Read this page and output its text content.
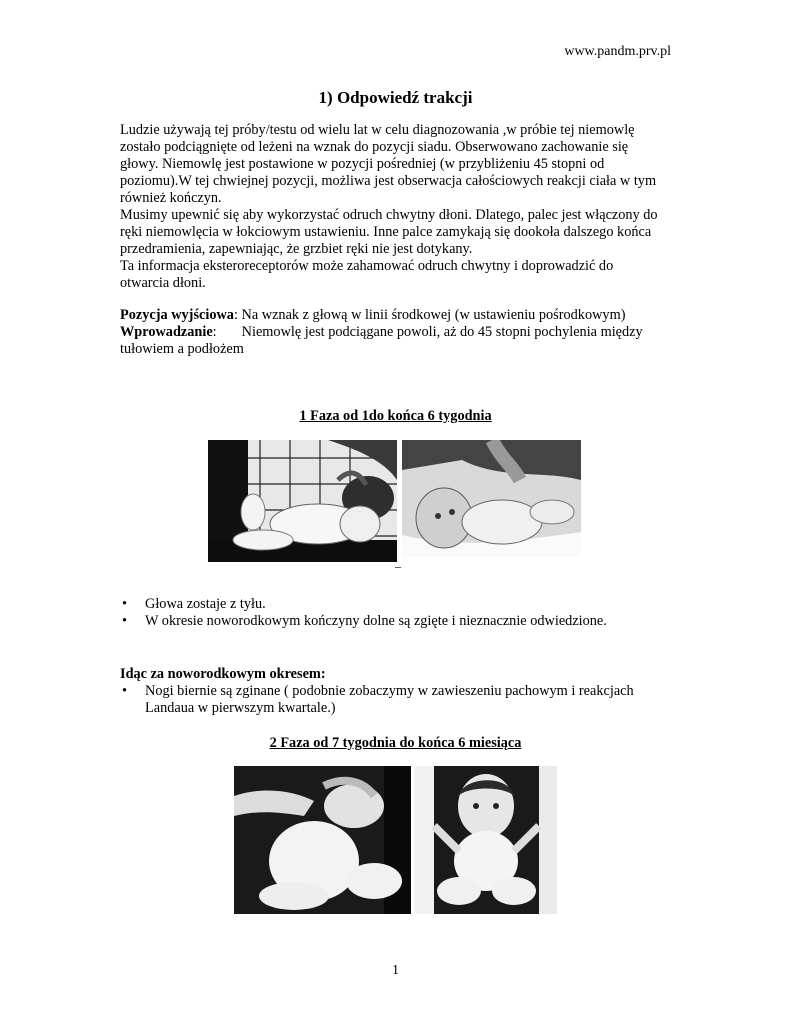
www.pandm.prv.pl
1) Odpowiedź trakcji

Ludzie używają tej próby/testu od wielu lat w celu diagnozowania ,w próbie tej niemowlę

zostało podciągnięte od leżeni na wznak do pozycji siadu. Obserwowano zachowanie się

głowy. Niemowlę jest postawione w pozycji pośredniej (w przybliżeniu 45 stopni od

poziomu).W tej chwiejnej pozycji, możliwa jest obserwacja całościowych reakcji ciała w tym

również kończyn.

Musimy upewnić się aby wykorzystać odruch chwytny dłoni. Dlatego, palec jest włączony do

ręki niemowlęcia w łokciowym ustawieniu. Inne palce zamykają się dookoła dalszego końca

przedramienia, zapewniając, że grzbiet ręki nie jest dotykany.

Ta informacja eksteroreceptorów może zahamować odruch chwytny i doprowadzić do

otwarcia dłoni.

Pozycja wyjściowa: Na wznak z głową w linii środkowej (w ustawieniu pośrodkowym)

Wprowadzanie:       Niemowlę jest podciągane powoli, aż do 45 stopni pochylenia między

tułowiem a podłożem

1 Faza od 1do końca 6 tygodnia
_
• Głowa zostaje z tyłu.
• W okresie noworodkowym kończyny dolne są zgięte i nieznacznie odwiedzione.
Idąc za noworodkowym okresem:
• Nogi biernie są zginane ( podobnie zobaczymy w zawieszeniu pachowym i reakcjach Landaua w pierwszym kwartale.)
2 Faza od 7 tygodnia do końca 6 miesiąca
1
